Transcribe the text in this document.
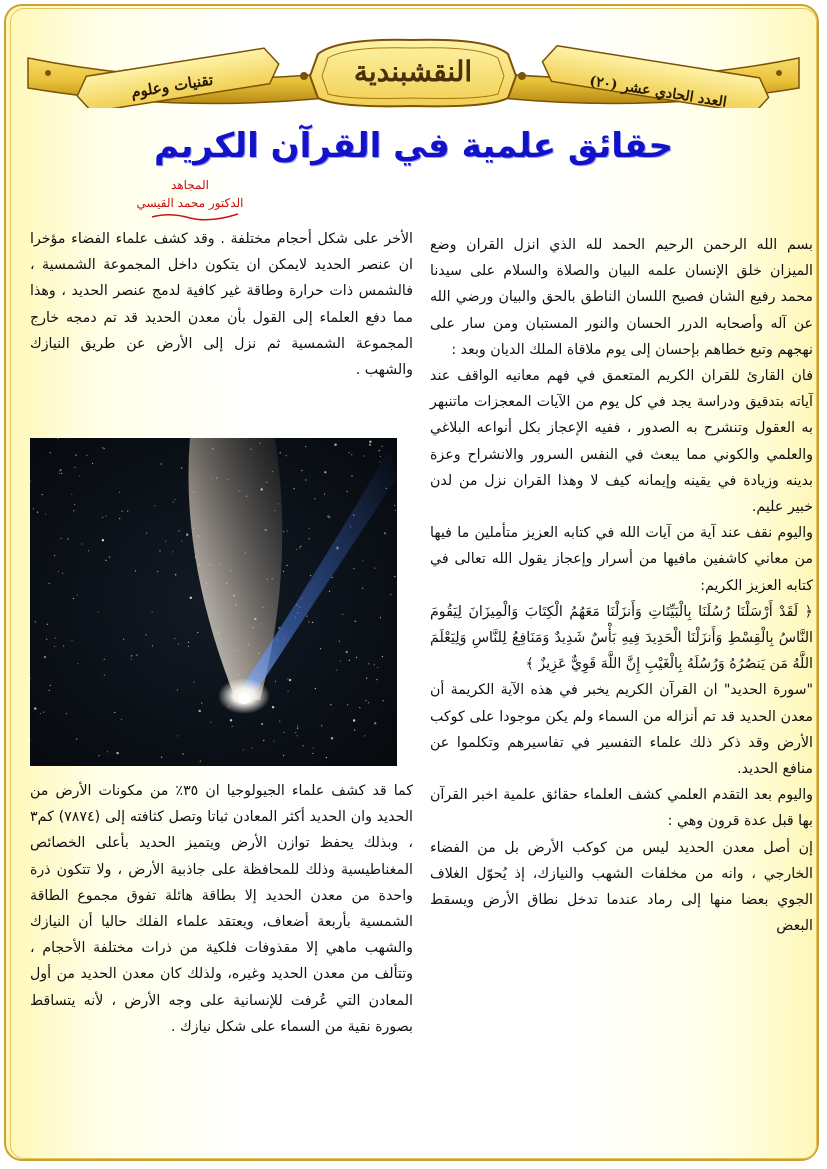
النقشبندية	العدد الحادي عشر (٢٠)
تقنيات وعلوم
حقائق علمية في القرآن الكريم
المجاهد
الدكتور محمد القيسي

بسم الله الرحمن الرحيم الحمد لله الذي انزل القران وضع الميزان خلق الإنسان علمه البيان والصلاة والسلام على سيدنا محمد رفيع الشان فصيح اللسان الناطق بالحق والبيان ورضي الله عن آله وأصحابه الدرر الحسان والنور المستبان ومن سار على نهجهم وتبع خطاهم بإحسان إلى يوم ملاقاة الملك الديان وبعد :

فان القارئ للقران الكريم المتعمق في فهم معانيه الواقف عند آياته بتدقيق ودراسة يجد في كل يوم من الآيات المعجزات ماتنبهر به العقول وتنشرح به الصدور ، ففيه الإعجاز بكل أنواعه البلاغي والعلمي والكوني مما يبعث في النفس السرور والانشراح وعزة بدينه وزيادة في يقينه وإيمانه كيف لا وهذا القران نزل من لدن خبير عليم.

واليوم نقف عند آية من آيات الله في كتابه العزيز متأملين ما فيها من معاني كاشفين مافيها من أسرار وإعجاز يقول الله تعالى في كتابه العزيز الكريم:

﴿ لَقَدْ أَرْسَلْنَا رُسُلَنَا بِالْبَيِّنَاتِ وَأَنزَلْنَا مَعَهُمُ الْكِتَابَ وَالْمِيزَانَ لِيَقُومَ النَّاسُ بِالْقِسْطِ وَأَنزَلْنَا الْحَدِيدَ فِيهِ بَأْسٌ شَدِيدٌ وَمَنَافِعُ لِلنَّاسِ وَلِيَعْلَمَ اللَّهُ مَن يَنصُرُهُ وَرُسُلَهُ بِالْغَيْبِ إِنَّ اللَّهَ قَوِيٌّ عَزِيزٌ ﴾

"سورة الحديد" ان القرآن الكريم يخبر في هذه الآية الكريمة أن معدن الحديد قد تم أنزاله من السماء ولم يكن موجودا على كوكب الأرض وقد ذكر ذلك علماء التفسير في تفاسيرهم وتكلموا عن منافع الحديد.

واليوم بعد التقدم العلمي كشف العلماء حقائق علمية اخبر القرآن بها قبل عدة قرون وهي :

إن أصل معدن الحديد ليس من كوكب الأرض بل من الفضاء الخارجي ، وانه من مخلفات الشهب والنيازك، إذ يُحوّل الغلاف الجوي بعضا منها إلى رماد عندما تدخل نطاق الأرض ويسقط البعض

الأخر على شكل أحجام مختلفة . وقد كشف علماء الفضاء مؤخرا ان عنصر الحديد لايمكن ان يتكون داخل المجموعة الشمسية ، فالشمس ذات حرارة وطاقة غير كافية لدمج عنصر الحديد ، وهذا مما دفع العلماء إلى القول بأن معدن الحديد قد تم دمجه خارج المجموعة الشمسية ثم نزل إلى الأرض عن طريق النيازك والشهب .

كما قد كشف علماء الجيولوجيا ان ٣٥٪ من مكونات الأرض من الحديد وان الحديد أكثر المعادن ثباتا وتصل كثافته إلى (٧٨٧٤) كم٣ ، وبذلك يحفظ توازن الأرض ويتميز الحديد بأعلى الخصائص المغناطيسية وذلك للمحافظة على جاذبية الأرض ، ولا تتكون ذرة واحدة من معدن الحديد إلا بطاقة هائلة تفوق مجموع الطاقة الشمسية بأربعة أضعاف، ويعتقد علماء الفلك حاليا أن النيازك والشهب ماهي إلا مقذوفات فلكية من ذرات مختلفة الأحجام ، وتتألف من معدن الحديد وغيره، ولذلك كان معدن الحديد من أول المعادن التي عُرفت للإنسانية على وجه الأرض ، لأنه يتساقط بصورة نقية من السماء على شكل نيازك .
